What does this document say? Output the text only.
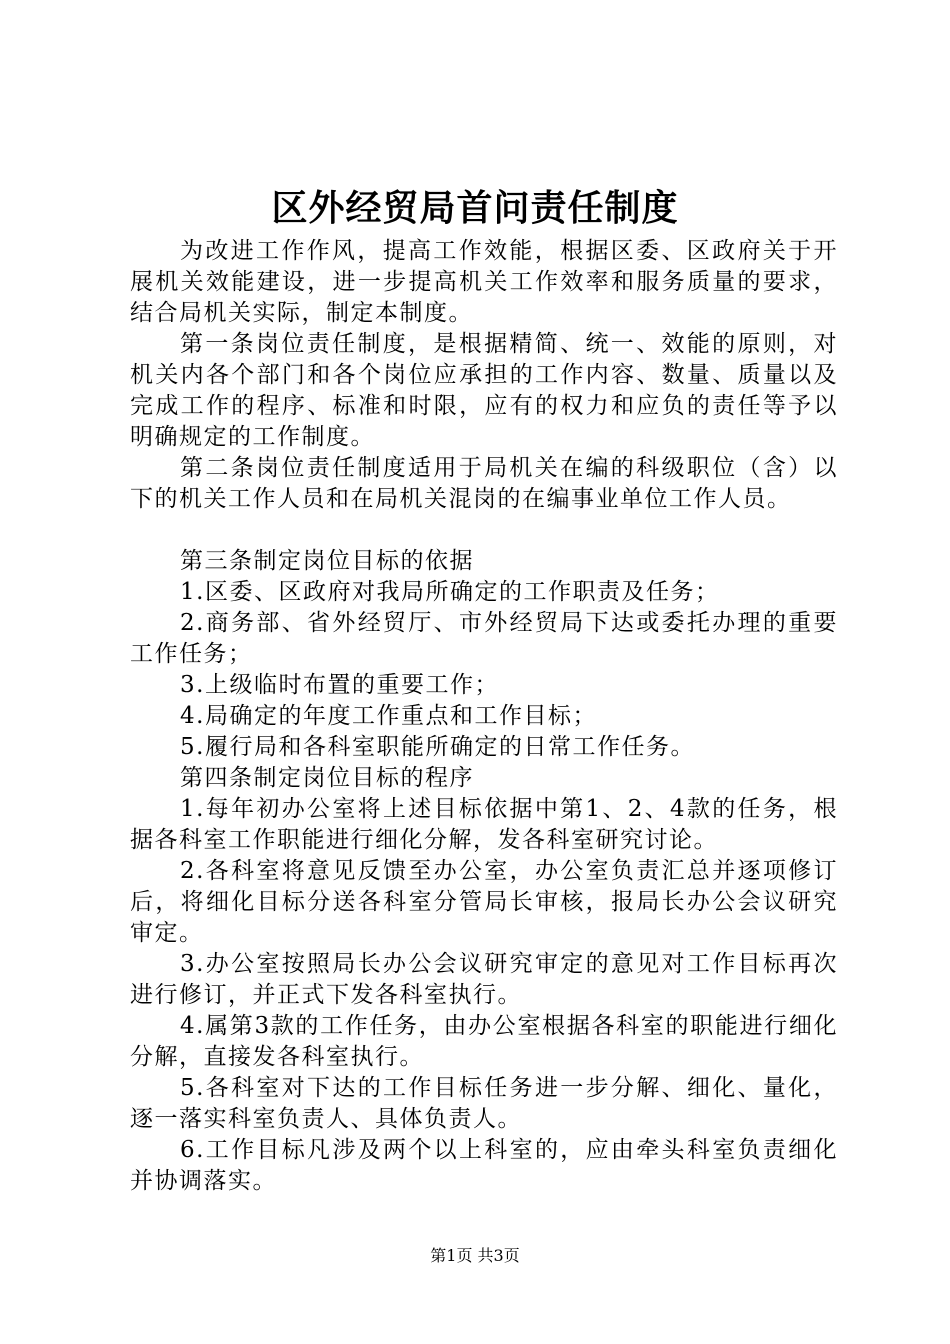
区外经贸局首问责任制度

为改进工作作风，提高工作效能，根据区委、区政府关于开展机关效能建设，进一步提高机关工作效率和服务质量的要求，结合局机关实际，制定本制度。

第一条岗位责任制度，是根据精简、统一、效能的原则，对机关内各个部门和各个岗位应承担的工作内容、数量、质量以及完成工作的程序、标准和时限，应有的权力和应负的责任等予以明确规定的工作制度。

第二条岗位责任制度适用于局机关在编的科级职位（含）以下的机关工作人员和在局机关混岗的在编事业单位工作人员。

第三条制定岗位目标的依据

1.区委、区政府对我局所确定的工作职责及任务；

2.商务部、省外经贸厅、市外经贸局下达或委托办理的重要工作任务；

3.上级临时布置的重要工作；

4.局确定的年度工作重点和工作目标；

5.履行局和各科室职能所确定的日常工作任务。

第四条制定岗位目标的程序

1.每年初办公室将上述目标依据中第1、2、4款的任务，根据各科室工作职能进行细化分解，发各科室研究讨论。

2.各科室将意见反馈至办公室，办公室负责汇总并逐项修订后，将细化目标分送各科室分管局长审核，报局长办公会议研究审定。

3.办公室按照局长办公会议研究审定的意见对工作目标再次进行修订，并正式下发各科室执行。

4.属第3款的工作任务，由办公室根据各科室的职能进行细化分解，直接发各科室执行。

5.各科室对下达的工作目标任务进一步分解、细化、量化，逐一落实科室负责人、具体负责人。

6.工作目标凡涉及两个以上科室的，应由牵头科室负责细化并协调落实。

第1页 共3页
